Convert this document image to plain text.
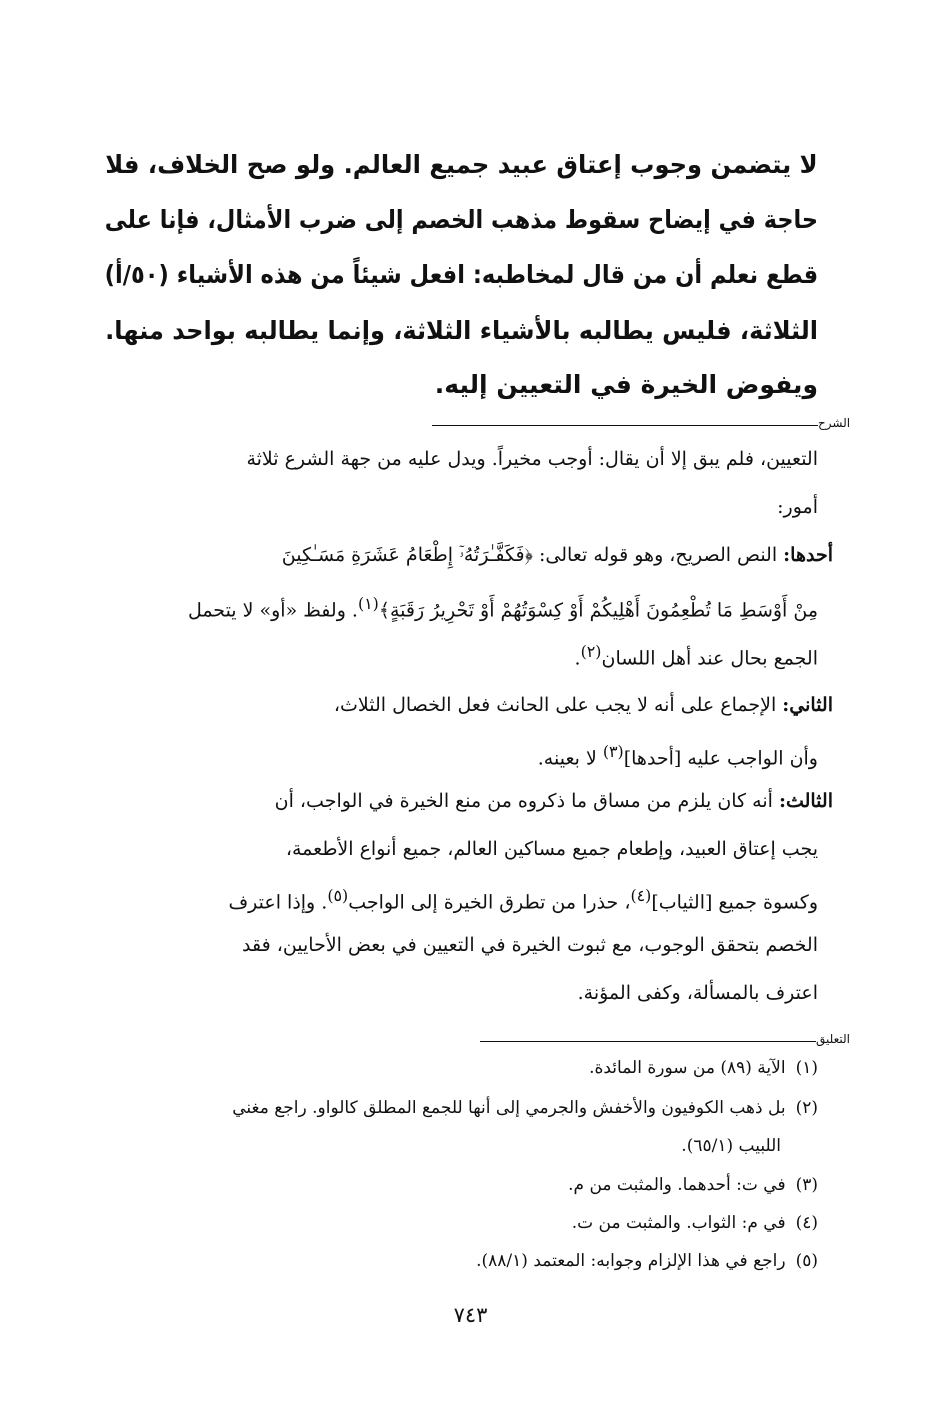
لا يتضمن وجوب إعتاق عبيد جميع العالم. ولو صح الخلاف، فلا
حاجة في إيضاح سقوط مذهب الخصم إلى ضرب الأمثال، فإنا على
قطع نعلم أن من قال لمخاطبه: افعل شيئاً من هذه الأشياء (٥٠/أ)
الثلاثة، فليس يطالبه بالأشياء الثلاثة، وإنما يطالبه بواحد منها.
ويفوض الخيرة في التعيين إليه.
الشرح
التعيين، فلم يبق إلا أن يقال: أوجب مخيراً. ويدل عليه من جهة الشرع ثلاثة
أمور:
أحدها: النص الصريح، وهو قوله تعالى: ﴿فَكَفَّـٰرَتُهُۥٓ إِطْعَامُ عَشَرَةِ مَسَـٰكِينَ
مِنْ أَوْسَطِ مَا تُطْعِمُونَ أَهْلِيكُمْ أَوْ كِسْوَتُهُمْ أَوْ تَحْرِيرُ رَقَبَةٍ﴾$^{(١)}$. ولفظ «أو» لا يتحمل
الجمع بحال عند أهل اللسان$^{(٢)}$.
الثاني: الإجماع على أنه لا يجب على الحانث فعل الخصال الثلاث،
وأن الواجب عليه [أحدها]$^{(٣)}$ لا بعينه.
الثالث: أنه كان يلزم من مساق ما ذكروه من منع الخيرة في الواجب، أن
يجب إعتاق العبيد، وإطعام جميع مساكين العالم، جميع أنواع الأطعمة،
وكسوة جميع [الثياب]$^{(٤)}$، حذرا من تطرق الخيرة إلى الواجب$^{(٥)}$. وإذا اعترف
الخصم بتحقق الوجوب، مع ثبوت الخيرة في التعيين في بعض الأحايين، فقد
اعترف بالمسألة، وكفى المؤنة.
التعليق
(١)الآية (٨٩) من سورة المائدة.
(٢)بل ذهب الكوفيون والأخفش والجرمي إلى أنها للجمع المطلق كالواو. راجع مغني
اللبيب (٦٥/١).
(٣)في ت: أحدهما. والمثبت من م.
(٤)في م: الثواب. والمثبت من ت.
(٥)راجع في هذا الإلزام وجوابه: المعتمد (٨٨/١).
٧٤٣
